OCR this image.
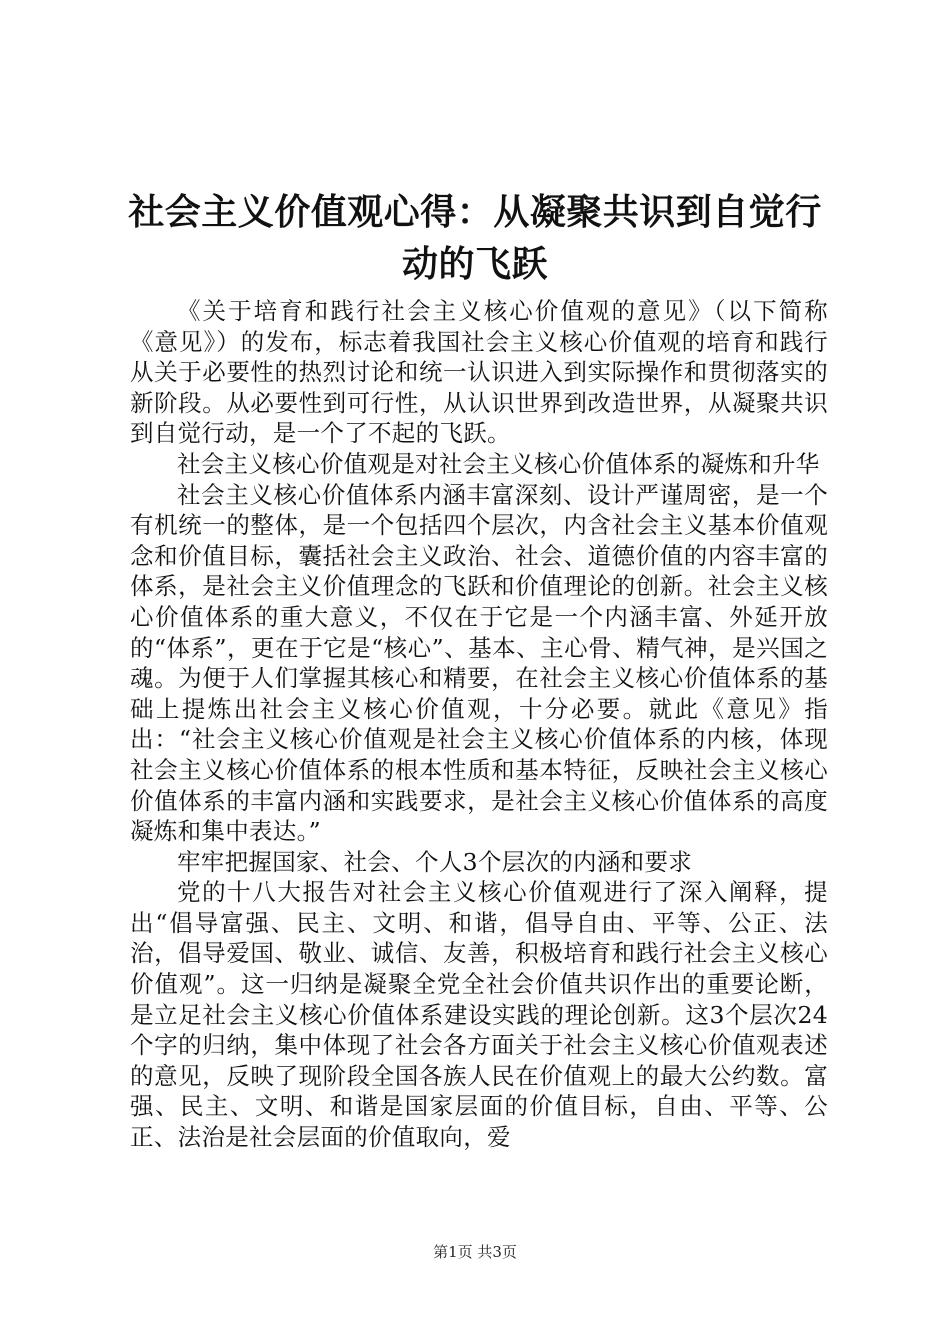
社会主义价值观心得：从凝聚共识到自觉行动的飞跃

《关于培育和践行社会主义核心价值观的意见》（以下简称《意见》）的发布，标志着我国社会主义核心价值观的培育和践行从关于必要性的热烈讨论和统一认识进入到实际操作和贯彻落实的新阶段。从必要性到可行性，从认识世界到改造世界，从凝聚共识到自觉行动，是一个了不起的飞跃。

社会主义核心价值观是对社会主义核心价值体系的凝炼和升华

社会主义核心价值体系内涵丰富深刻、设计严谨周密，是一个有机统一的整体，是一个包括四个层次，内含社会主义基本价值观念和价值目标，囊括社会主义政治、社会、道德价值的内容丰富的体系，是社会主义价值理念的飞跃和价值理论的创新。社会主义核心价值体系的重大意义，不仅在于它是一个内涵丰富、外延开放的“体系”，更在于它是“核心”、基本、主心骨、精气神，是兴国之魂。为便于人们掌握其核心和精要，在社会主义核心价值体系的基础上提炼出社会主义核心价值观，十分必要。就此《意见》指出：“社会主义核心价值观是社会主义核心价值体系的内核，体现社会主义核心价值体系的根本性质和基本特征，反映社会主义核心价值体系的丰富内涵和实践要求，是社会主义核心价值体系的高度凝炼和集中表达。”

牢牢把握国家、社会、个人3个层次的内涵和要求

党的十八大报告对社会主义核心价值观进行了深入阐释，提出“倡导富强、民主、文明、和谐，倡导自由、平等、公正、法治，倡导爱国、敬业、诚信、友善，积极培育和践行社会主义核心价值观”。这一归纳是凝聚全党全社会价值共识作出的重要论断，是立足社会主义核心价值体系建设实践的理论创新。这3个层次24个字的归纳，集中体现了社会各方面关于社会主义核心价值观表述的意见，反映了现阶段全国各族人民在价值观上的最大公约数。富强、民主、文明、和谐是国家层面的价值目标，自由、平等、公正、法治是社会层面的价值取向，爱

第1页 共3页
